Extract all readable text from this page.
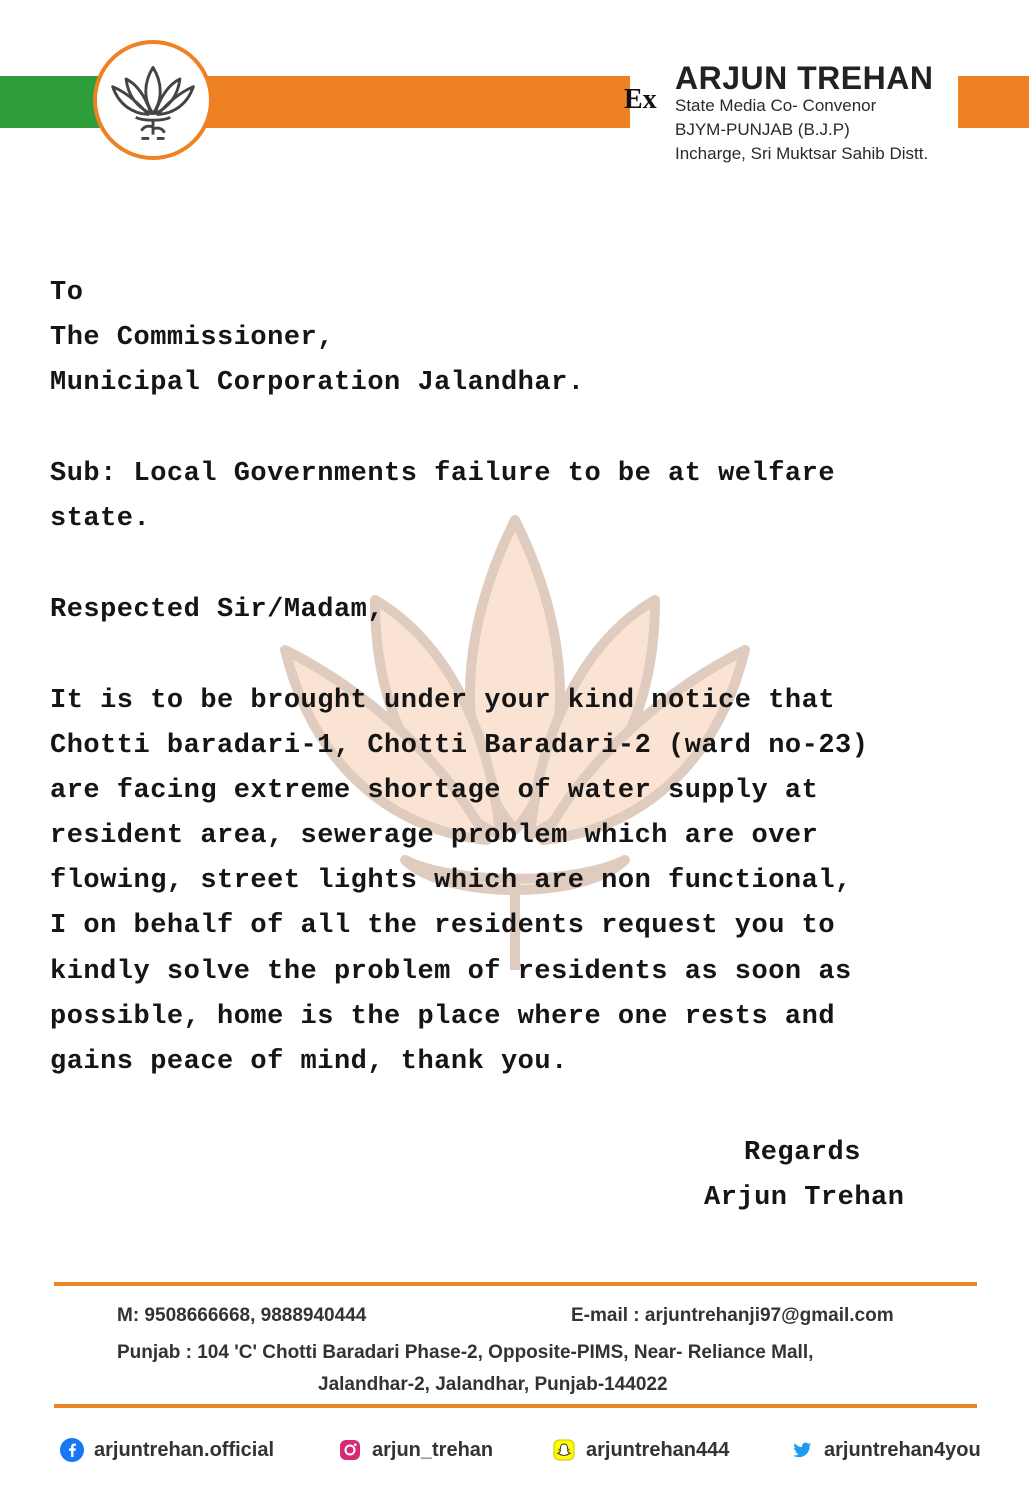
Ex
ARJUN TREHAN
State Media Co- Convenor
BJYM-PUNJAB (B.J.P)
Incharge, Sri Muktsar Sahib Distt.
To
The Commissioner,
Municipal Corporation Jalandhar.
Sub: Local Governments failure to be at welfare
state.
Respected Sir/Madam,
It is to be brought under your kind notice that
Chotti baradari-1, Chotti Baradari-2 (ward no-23)
are facing extreme shortage of water supply at
resident area, sewerage problem which are over
flowing, street lights which are non functional,
I on behalf of all the residents request you to
kindly solve the problem of residents as soon as
possible, home is the place where one rests and
gains peace of mind, thank you.
Regards
Arjun Trehan
M: 9508666668, 9888940444	E-mail : arjuntrehanji97@gmail.com
Punjab : 104 'C' Chotti Baradari Phase-2, Opposite-PIMS, Near- Reliance Mall,
Jalandhar-2, Jalandhar, Punjab-144022
arjuntrehan.official	arjun_trehan	arjuntrehan444	arjuntrehan4you
